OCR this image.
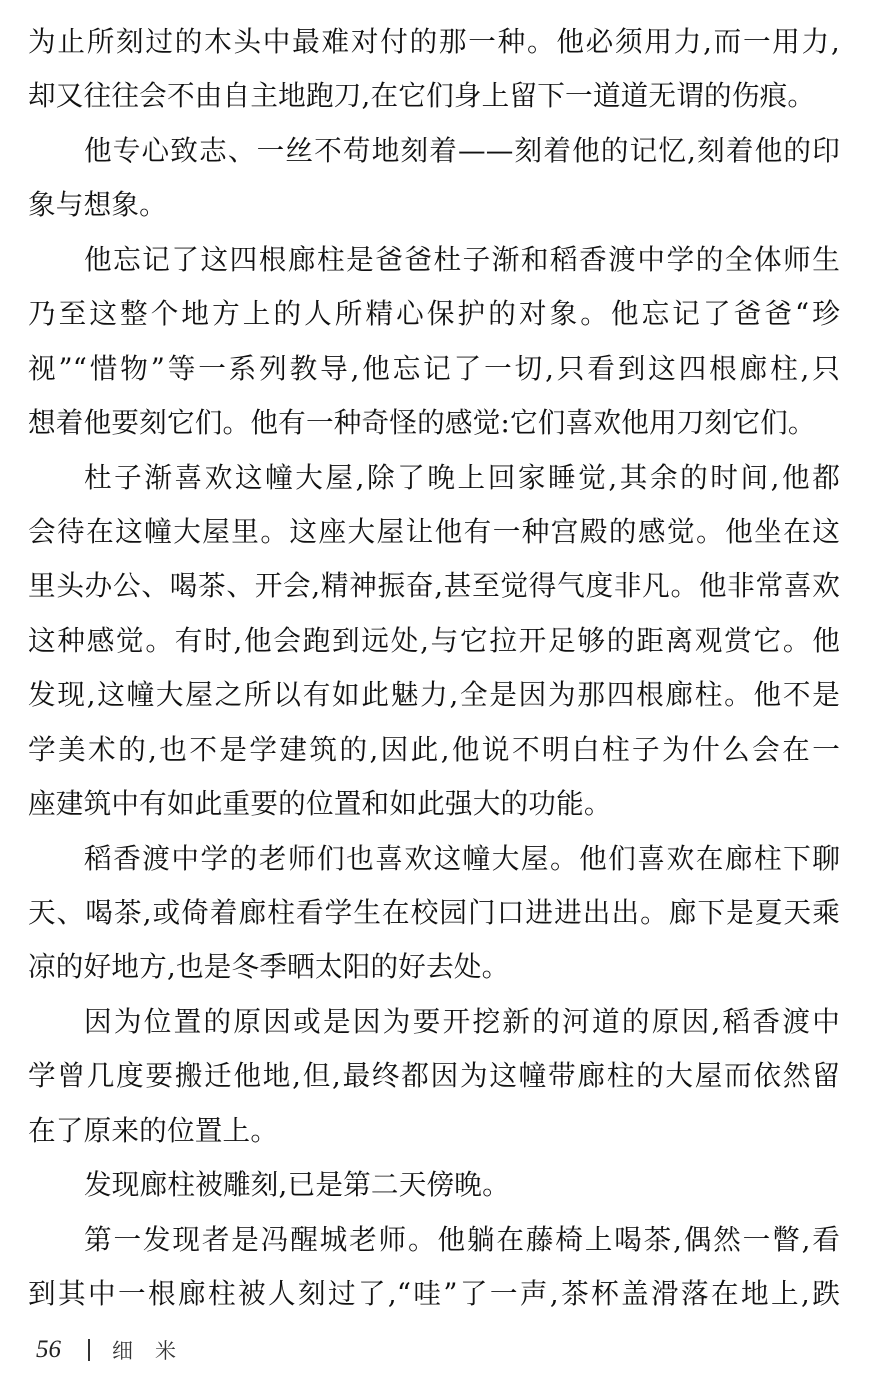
为止所刻过的木头中最难对付的那一种。他必须用力,而一用力,
却又往往会不由自主地跑刀,在它们身上留下一道道无谓的伤痕。
他专心致志、一丝不苟地刻着——刻着他的记忆,刻着他的印
象与想象。
他忘记了这四根廊柱是爸爸杜子渐和稻香渡中学的全体师生
乃至这整个地方上的人所精心保护的对象。他忘记了爸爸“珍
视”“惜物”等一系列教导,他忘记了一切,只看到这四根廊柱,只
想着他要刻它们。他有一种奇怪的感觉:它们喜欢他用刀刻它们。
杜子渐喜欢这幢大屋,除了晚上回家睡觉,其余的时间,他都
会待在这幢大屋里。这座大屋让他有一种宫殿的感觉。他坐在这
里头办公、喝茶、开会,精神振奋,甚至觉得气度非凡。他非常喜欢
这种感觉。有时,他会跑到远处,与它拉开足够的距离观赏它。他
发现,这幢大屋之所以有如此魅力,全是因为那四根廊柱。他不是
学美术的,也不是学建筑的,因此,他说不明白柱子为什么会在一
座建筑中有如此重要的位置和如此强大的功能。
稻香渡中学的老师们也喜欢这幢大屋。他们喜欢在廊柱下聊
天、喝茶,或倚着廊柱看学生在校园门口进进出出。廊下是夏天乘
凉的好地方,也是冬季晒太阳的好去处。
因为位置的原因或是因为要开挖新的河道的原因,稻香渡中
学曾几度要搬迁他地,但,最终都因为这幢带廊柱的大屋而依然留
在了原来的位置上。
发现廊柱被雕刻,已是第二天傍晚。
第一发现者是冯醒城老师。他躺在藤椅上喝茶,偶然一瞥,看
到其中一根廊柱被人刻过了,“哇”了一声,茶杯盖滑落在地上,跌
56	细米
